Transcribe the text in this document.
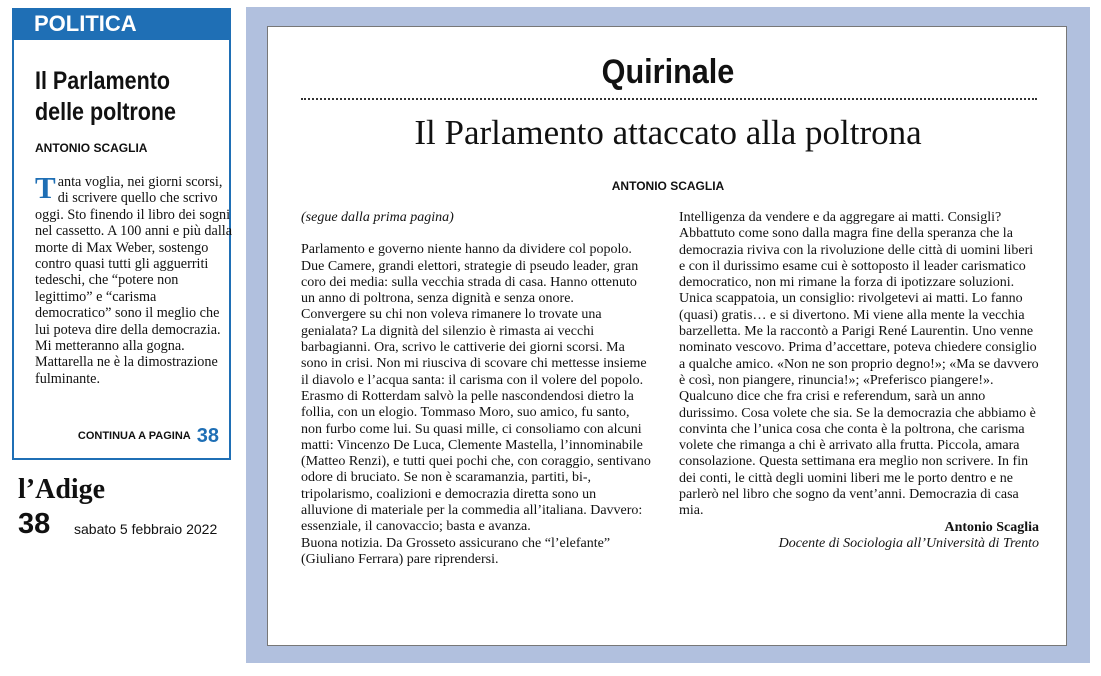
POLITICA
Il Parlamento
delle poltrone
ANTONIO SCAGLIA

Tanta voglia, nei giorni scorsi, di scrivere quello che scrivo oggi. Sto finendo il libro dei sogni nel cassetto. A 100 anni e più dalla morte di Max Weber, sostengo contro quasi tutti gli agguerriti tedeschi, che “potere non legittimo” e “carisma democratico” sono il meglio che lui poteva dire della democrazia. Mi metteranno alla gogna.

Mattarella ne è la dimostrazione fulminante.

CONTINUA A PAGINA 38
l’Adige
38 sabato 5 febbraio 2022
Quirinale
Il Parlamento attaccato alla poltrona
ANTONIO SCAGLIA

(segue dalla prima pagina)

Parlamento e governo niente hanno da dividere col popolo. Due Camere, grandi elettori, strategie di pseudo leader, gran coro dei media: sulla vecchia strada di casa. Hanno ottenuto un anno di poltrona, senza dignità e senza onore.

Convergere su chi non voleva rimanere lo trovate una genialata? La dignità del silenzio è rimasta ai vecchi barbagianni. Ora, scrivo le cattiverie dei giorni scorsi. Ma sono in crisi. Non mi riusciva di scovare chi mettesse insieme il diavolo e l’acqua santa: il carisma con il volere del popolo.

Erasmo di Rotterdam salvò la pelle nascondendosi dietro la follia, con un elogio. Tommaso Moro, suo amico, fu santo, non furbo come lui. Su quasi mille, ci consoliamo con alcuni matti: Vincenzo De Luca, Clemente Mastella, l’innominabile (Matteo Renzi), e tutti quei pochi che, con coraggio, sentivano odore di bruciato. Se non è scaramanzia, partiti, bi-, tripolarismo, coalizioni e democrazia diretta sono un alluvione di materiale per la commedia all’italiana. Davvero: essenziale, il canovaccio; basta e avanza.

Buona notizia. Da Grosseto assicurano che “l’elefante” (Giuliano Ferrara) pare riprendersi.

Intelligenza da vendere e da aggregare ai matti. Consigli? Abbattuto come sono dalla magra fine della speranza che la democrazia riviva con la rivoluzione delle città di uomini liberi e con il durissimo esame cui è sottoposto il leader carismatico democratico, non mi rimane la forza di ipotizzare soluzioni. Unica scappatoia, un consiglio: rivolgetevi ai matti. Lo fanno (quasi) gratis… e si divertono. Mi viene alla mente la vecchia barzelletta. Me la raccontò a Parigi René Laurentin. Uno venne nominato vescovo. Prima d’accettare, poteva chiedere consiglio a qualche amico. «Non ne son proprio degno!»; «Ma se davvero è così, non piangere, rinuncia!»; «Preferisco piangere!».

Qualcuno dice che fra crisi e referendum, sarà un anno durissimo. Cosa volete che sia. Se la democrazia che abbiamo è convinta che l’unica cosa che conta è la poltrona, che carisma volete che rimanga a chi è arrivato alla frutta. Piccola, amara consolazione. Questa settimana era meglio non scrivere. In fin dei conti, le città degli uomini liberi me le porto dentro e ne parlerò nel libro che sogno da vent’anni. Democrazia di casa mia.

Antonio Scaglia

Docente di Sociologia all’Università di Trento
